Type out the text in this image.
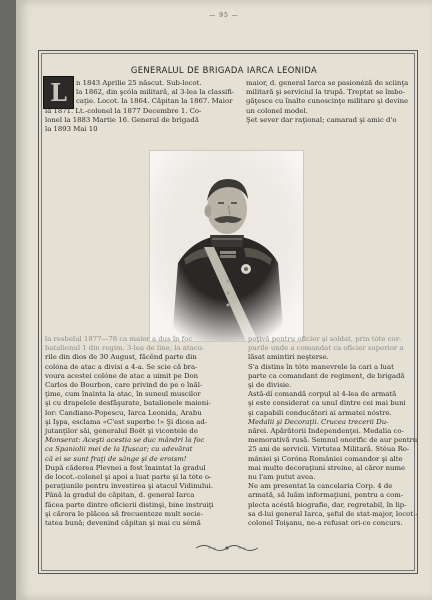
— 95 —
GENERALUL DE BRIGADA IARCA LEONIDA
L	n 1843 Aprilie 25 născut. Sub-locot.
la 1862, din şcóla militară, al 3-lea la classifi-
caţie. Locot. la 1864. Căpitan la 1867. Maior
la 1871. Lt.-colonel la 1877 Decembre 1. Co-
lonel la 1883 Martie 16. General de brigadă
la 1893 Mai 10
maior, d. general Iarca se pasionéză de sciinţa
militară şi serviciul la trupă. Treptat se îmbo-
găţesce cu înalte cunoscinţe militare şi devine
un colonel model.
Şet sever dar raţional; camarad şi amic d'o
la resbelul 1877—78 ca maior a dus în foc
batalionul 1 din regim. 3-lea de line, la atacu-
rile din dios de 30 August, făcênd parte din
colóna de atac a divisi a 4-a. Se scie că bra-
voura acestei colóne de atac a uimit pe Don
Carlos de Bourbon, care privind de pe o înăl-
ţime, cum înainta la atac, în suneul muscilor
şi cu drapelele desfăşurate, batalionele maioni-
lor: Candiano-Popescu, Iarca Leonida, Arabu
şi Işpa, esclama «C'est superbe !» Şi dicea ad-
jutanţilor săi, generalul Boët şi vicontele de
Monserat: Aceşti acestia se duc mândri la foc
ca Spaniolii mei de la Ifuscar; cu adevărat
că ei se sunt fraţi de sânge şi de eroism!
După căderea Plevnei a fost înaintat la gradul
de locot.-colonel şi apoi a luat parte şi la tóte o-
peraţiunile pentru investirea şi atacul Vidinului.
Până la gradul de căpitan, d. general Iarca
făcea parte dintre oficierii distinşi, bine instruiţi
şi cărora le plăcea să frecuenteze mult socie-
tatea bună; devenind căpitan şi mai cu sémă
poţivă pentru oficier şi soldat, prin tóte cor-
purile unde a comandat ca oficier superior a
lăsat amintiri neşterse.
S'a distins în tóte manevrele la cari a luat
parte ca comandant de regiment, de brigadă
şi de divisie.
Astă-dí comandă corpul al 4-lea de armată
şi este considerat ca unul dintre cei mai buni
şi capabili conducători ai armatei nóstre.
Medalii şi Decoraţii. Crucea trecerii Du-
nărei. Apărătorii Independenţei. Medalia co-
memorativă rusă. Semnul onorific de aur pentru
25 ani de servicii. Virtutea Militară. Stéua Ro-
mâniei şi Coróna României comandor şi alte
mai multe decoraţiuni streine, al căror nume
nu l'am putut avea.
Ne am presentat la cancelaria Corp. 4 de
armată, să luăm informaţiuni, pentru a com-
plecta acéstă biografie, dar, regretabil, în lip-
sa d-lui general Iarca, şeful de stat-major, locot.-
colonel Toişanu, ne-a refusat ori-ce concurs.
